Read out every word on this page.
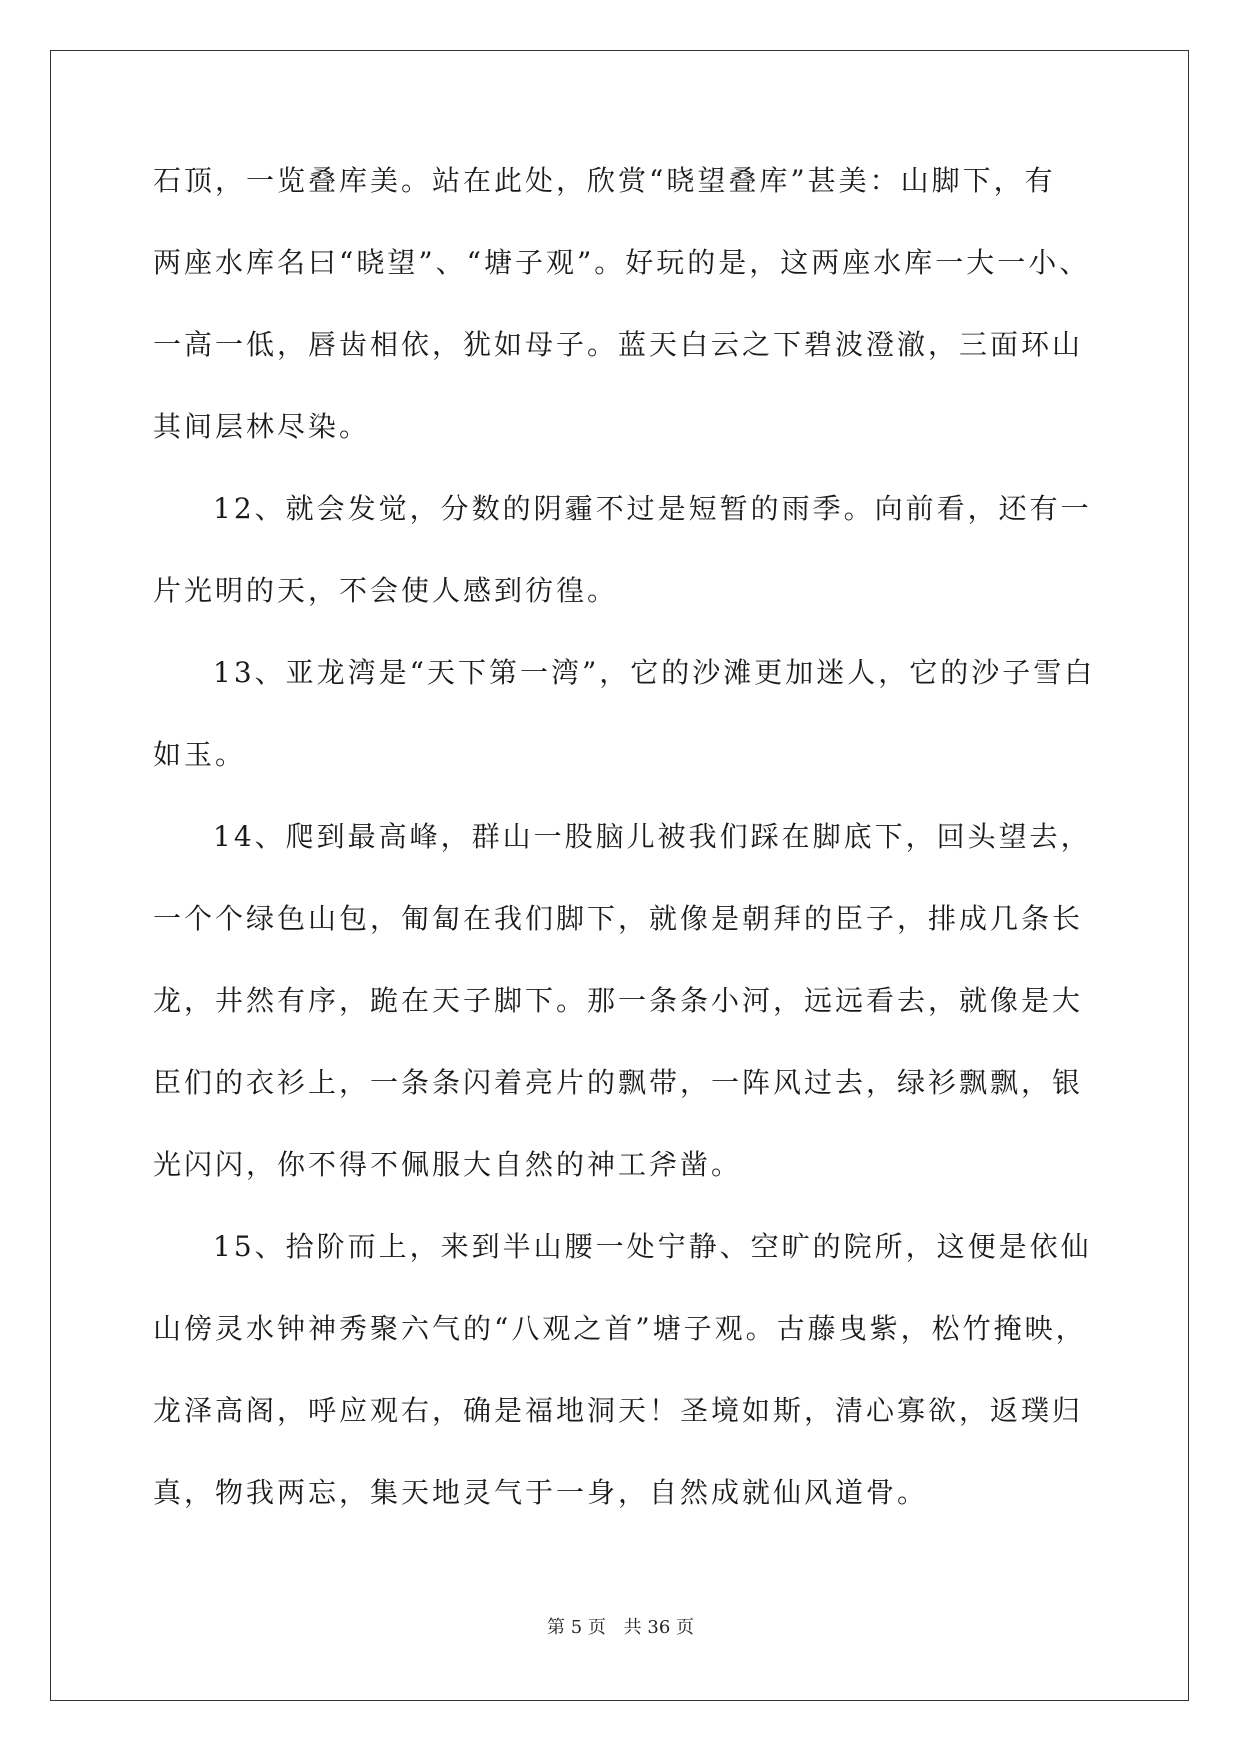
石顶，一览叠库美。站在此处，欣赏“晓望叠库”甚美：山脚下，有

两座水库名曰“晓望”、“塘子观”。好玩的是，这两座水库一大一小、

一高一低，唇齿相依，犹如母子。蓝天白云之下碧波澄澈，三面环山

其间层林尽染。

12、就会发觉，分数的阴霾不过是短暂的雨季。向前看，还有一

片光明的天，不会使人感到彷徨。

13、亚龙湾是“天下第一湾”，它的沙滩更加迷人，它的沙子雪白

如玉。

14、爬到最高峰，群山一股脑儿被我们踩在脚底下，回头望去，

一个个绿色山包，匍匐在我们脚下，就像是朝拜的臣子，排成几条长

龙，井然有序，跪在天子脚下。那一条条小河，远远看去，就像是大

臣们的衣衫上，一条条闪着亮片的飘带，一阵风过去，绿衫飘飘，银

光闪闪，你不得不佩服大自然的神工斧凿。

15、拾阶而上，来到半山腰一处宁静、空旷的院所，这便是依仙

山傍灵水钟神秀聚六气的“八观之首”塘子观。古藤曳紫，松竹掩映，

龙泽高阁，呼应观右，确是福地洞天！圣境如斯，清心寡欲，返璞归

真，物我两忘，集天地灵气于一身，自然成就仙风道骨。

第 5 页 共 36 页
